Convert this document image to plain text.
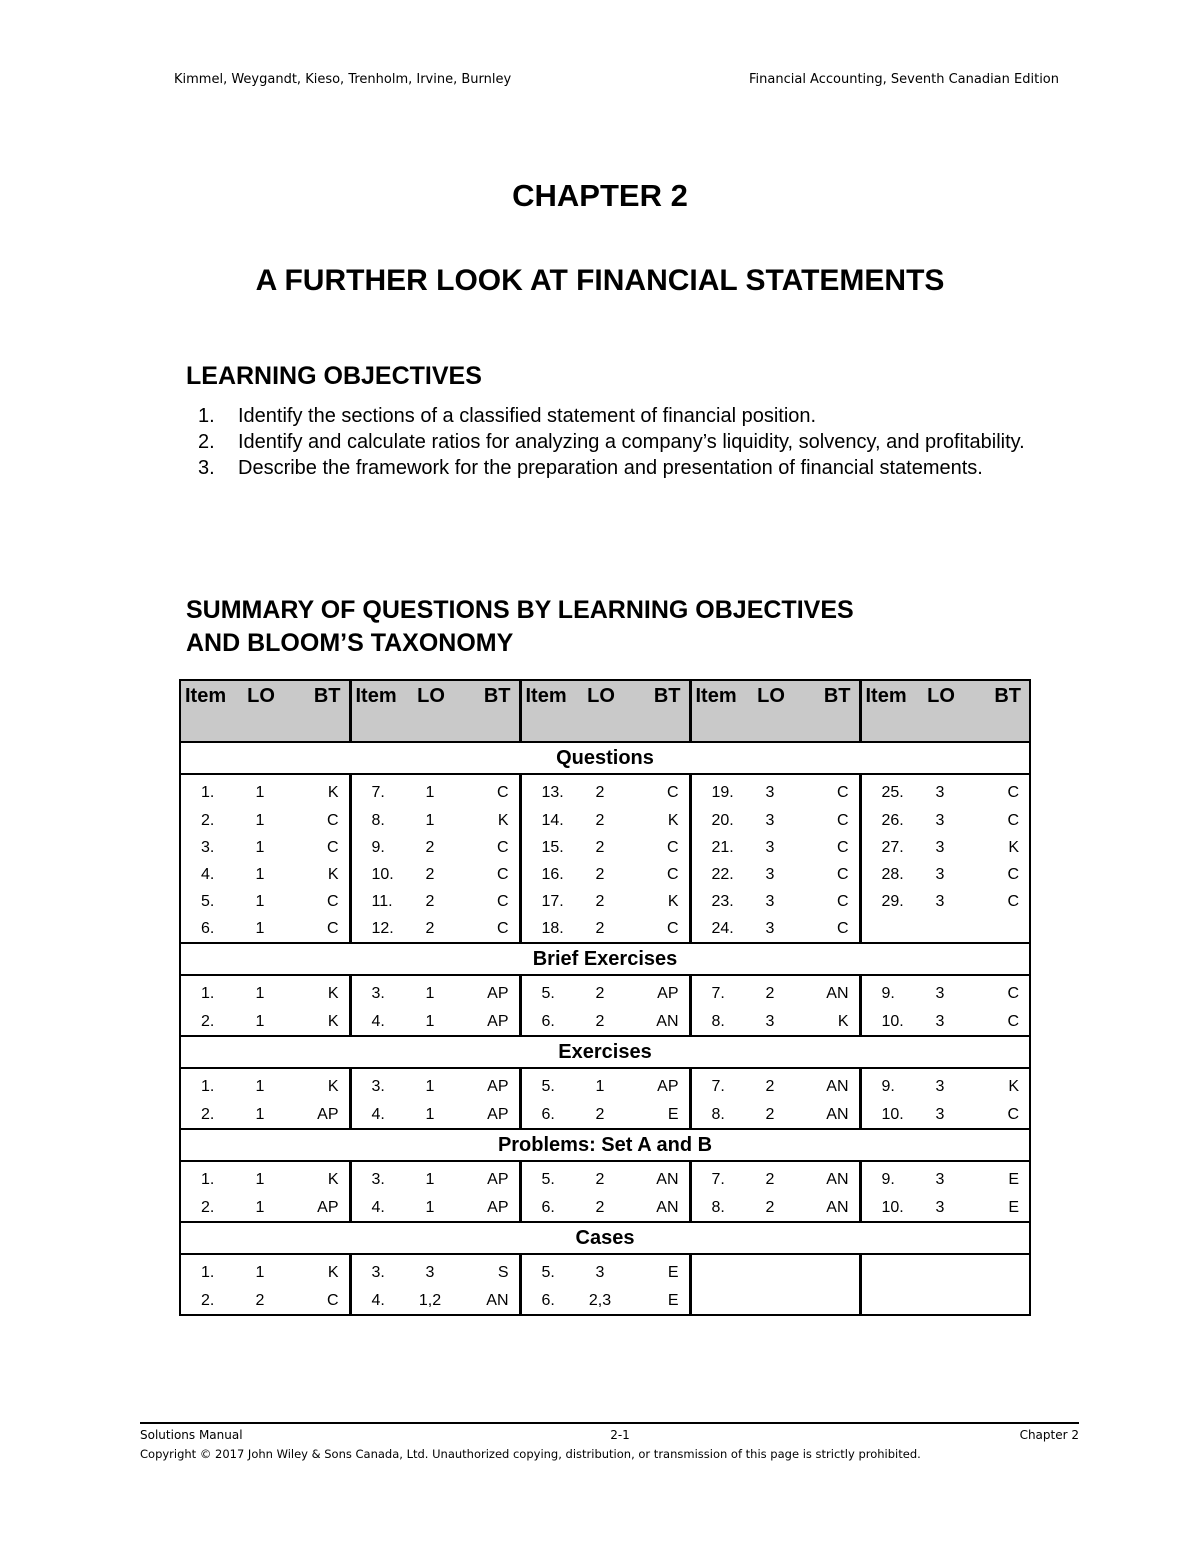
Kimmel, Weygandt, Kieso, Trenholm, Irvine, Burnley	Financial Accounting, Seventh Canadian Edition
CHAPTER 2
A FURTHER LOOK AT FINANCIAL STATEMENTS
LEARNING OBJECTIVES
1. Identify the sections of a classified statement of financial position.
2. Identify and calculate ratios for analyzing a company’s liquidity, solvency, and profitability.
3. Describe the framework for the preparation and presentation of financial statements.
SUMMARY OF QUESTIONS BY LEARNING OBJECTIVES
AND BLOOM’S TAXONOMY
Item	LO	BT	Item	LO	BT	Item	LO	BT	Item	LO	BT	Item	LO	BT
Questions														
1.	1	K	7.	1	C	13.	2	C	19.	3	C	25.	3	C
2.	1	C	8.	1	K	14.	2	K	20.	3	C	26.	3	C
3.	1	C	9.	2	C	15.	2	C	21.	3	C	27.	3	K
4.	1	K	10.	2	C	16.	2	C	22.	3	C	28.	3	C
5.	1	C	11.	2	C	17.	2	K	23.	3	C	29.	3	C
6.	1	C	12.	2	C	18.	2	C	24.	3	C			
Brief Exercises														
1.	1	K	3.	1	AP	5.	2	AP	7.	2	AN	9.	3	C
2.	1	K	4.	1	AP	6.	2	AN	8.	3	K	10.	3	C
Exercises														
1.	1	K	3.	1	AP	5.	1	AP	7.	2	AN	9.	3	K
2.	1	AP	4.	1	AP	6.	2	E	8.	2	AN	10.	3	C
Problems: Set A and B														
1.	1	K	3.	1	AP	5.	2	AN	7.	2	AN	9.	3	E
2.	1	AP	4.	1	AP	6.	2	AN	8.	2	AN	10.	3	E
Cases														
1.	1	K	3.	3	S	5.	3	E						
2.	2	C	4.	1,2	AN	6.	2,3	E						
Solutions Manual	2-1	Chapter 2
Copyright © 2017 John Wiley & Sons Canada, Ltd. Unauthorized copying, distribution, or transmission of this page is strictly prohibited.
